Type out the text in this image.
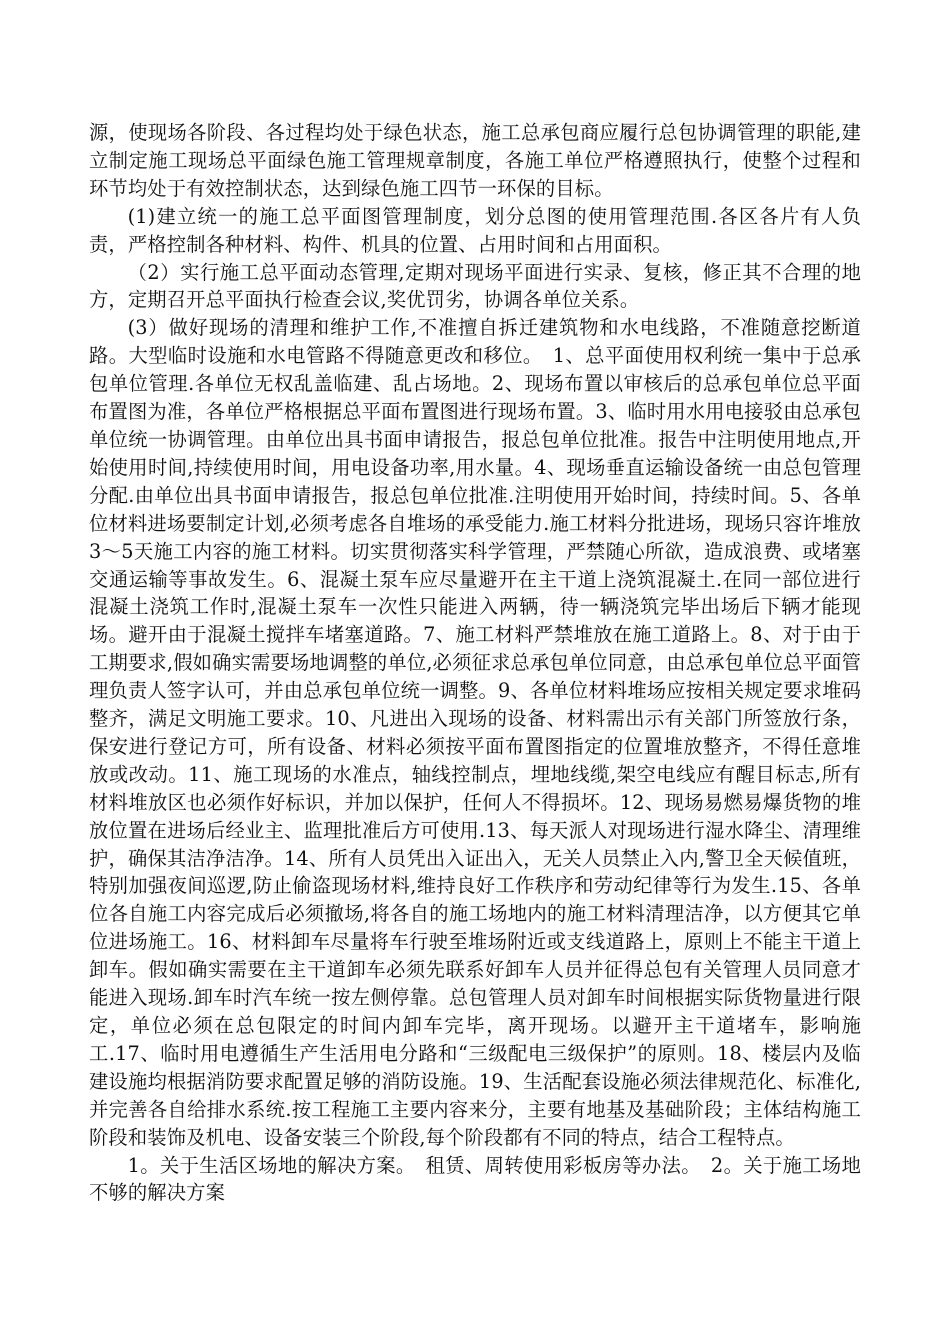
源，使现场各阶段、各过程均处于绿色状态，施工总承包商应履行总包协调管理的职能,建立制定施工现场总平面绿色施工管理规章制度，各施工单位严格遵照执行，使整个过程和环节均处于有效控制状态，达到绿色施工四节一环保的目标。

(1)建立统一的施工总平面图管理制度，划分总图的使用管理范围.各区各片有人负责，严格控制各种材料、构件、机具的位置、占用时间和占用面积。

（2）实行施工总平面动态管理,定期对现场平面进行实录、复核，修正其不合理的地方，定期召开总平面执行检查会议,奖优罚劣，协调各单位关系。

(3）做好现场的清理和维护工作,不准擅自拆迁建筑物和水电线路，不准随意挖断道路。大型临时设施和水电管路不得随意更改和移位。　1、总平面使用权利统一集中于总承包单位管理.各单位无权乱盖临建、乱占场地。2、现场布置以审核后的总承包单位总平面布置图为准，各单位严格根据总平面布置图进行现场布置。3、临时用水用电接驳由总承包单位统一协调管理。由单位出具书面申请报告，报总包单位批准。报告中注明使用地点,开始使用时间,持续使用时间，用电设备功率,用水量。4、现场垂直运输设备统一由总包管理分配.由单位出具书面申请报告，报总包单位批准.注明使用开始时间，持续时间。5、各单位材料进场要制定计划,必须考虑各自堆场的承受能力.施工材料分批进场，现场只容许堆放3～5天施工内容的施工材料。切实贯彻落实科学管理，严禁随心所欲，造成浪费、或堵塞交通运输等事故发生。6、混凝土泵车应尽量避开在主干道上浇筑混凝土.在同一部位进行混凝土浇筑工作时,混凝土泵车一次性只能进入两辆，待一辆浇筑完毕出场后下辆才能现场。避开由于混凝土搅拌车堵塞道路。7、施工材料严禁堆放在施工道路上。8、对于由于工期要求,假如确实需要场地调整的单位,必须征求总承包单位同意，由总承包单位总平面管理负责人签字认可，并由总承包单位统一调整。9、各单位材料堆场应按相关规定要求堆码整齐，满足文明施工要求。10、凡进出入现场的设备、材料需出示有关部门所签放行条，保安进行登记方可，所有设备、材料必须按平面布置图指定的位置堆放整齐，不得任意堆放或改动。11、施工现场的水准点，轴线控制点，埋地线缆,架空电线应有醒目标志,所有材料堆放区也必须作好标识，并加以保护，任何人不得损坏。12、现场易燃易爆货物的堆放位置在进场后经业主、监理批准后方可使用.13、每天派人对现场进行湿水降尘、清理维护，确保其洁净洁净。14、所有人员凭出入证出入，无关人员禁止入内,警卫全天候值班，特别加强夜间巡逻,防止偷盗现场材料,维持良好工作秩序和劳动纪律等行为发生.15、各单位各自施工内容完成后必须撤场,将各自的施工场地内的施工材料清理洁净，以方便其它单位进场施工。16、材料卸车尽量将车行驶至堆场附近或支线道路上，原则上不能主干道上卸车。假如确实需要在主干道卸车必须先联系好卸车人员并征得总包有关管理人员同意才能进入现场.卸车时汽车统一按左侧停靠。总包管理人员对卸车时间根据实际货物量进行限定，单位必须在总包限定的时间内卸车完毕，离开现场。以避开主干道堵车，影响施工.17、临时用电遵循生产生活用电分路和“三级配电三级保护”的原则。18、楼层内及临建设施均根据消防要求配置足够的消防设施。19、生活配套设施必须法律规范化、标准化,并完善各自给排水系统.按工程施工主要内容来分，主要有地基及基础阶段；主体结构施工阶段和装饰及机电、设备安装三个阶段,每个阶段都有不同的特点，结合工程特点。

1。关于生活区场地的解决方案。　租赁、周转使用彩板房等办法。　2。关于施工场地不够的解决方案
